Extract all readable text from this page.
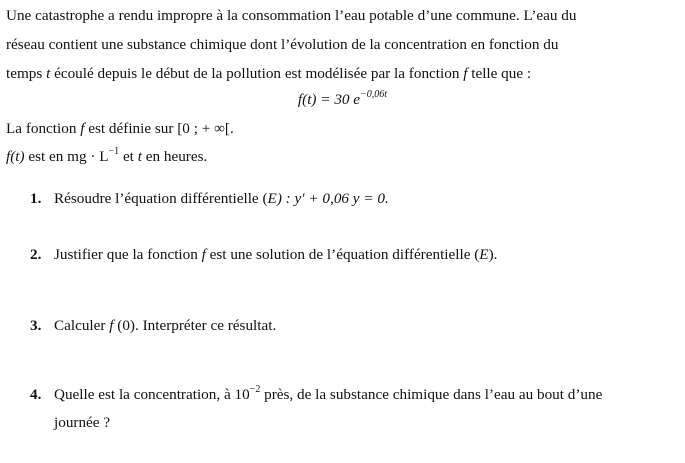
Une catastrophe a rendu impropre à la consommation l’eau potable d’une commune. L’eau du
réseau contient une substance chimique dont l’évolution de la concentration en fonction du
temps t écoulé depuis le début de la pollution est modélisée par la fonction f telle que :
f(t) = 30 $e^{-0,06t}$
La fonction f est définie sur [0 ; + ∞[.
f(t) est en mg · $L^{-1}$ et t en heures.
1. Résoudre l’équation différentielle (E) : y′ + 0,06 y = 0.
2. Justifier que la fonction f est une solution de l’équation différentielle (E).
3. Calculer f (0). Interpréter ce résultat.
4. Quelle est la concentration, à $10^{-2}$ près, de la substance chimique dans l’eau au bout d’une
journée ?
